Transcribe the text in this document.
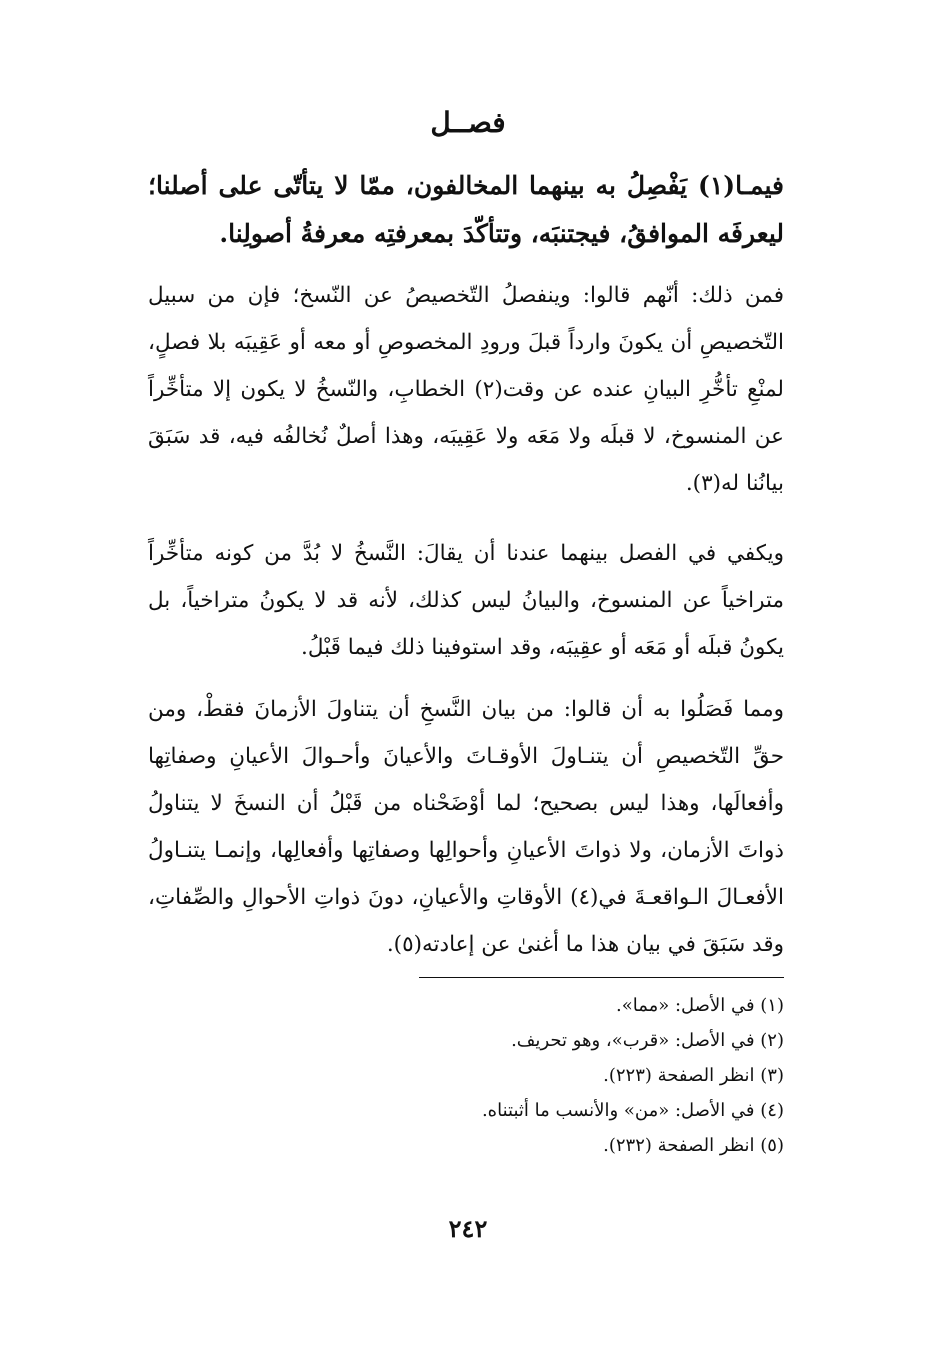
فصــل
فيمـا(١) يَفْصِلُ به بينهما المخالفون، ممّا لا يتأتّى على أصلنا؛ ليعرفَه الموافقُ، فيجتنبَه، وتتأكّدَ بمعرفتِه معرفةُ أصولِنا.

فمن ذلك: أنّهم قالوا: وينفصلُ التّخصيصُ عن النّسخ؛ فإن من سبيل التّخصيصِ أن يكونَ وارداً قبلَ ورودِ المخصوصِ أو معه أو عَقِيبَه بلا فصلٍ، لمنْعِ تأخُّرِ البيانِ عنده عن وقت(٢) الخطابِ، والنّسخُ لا يكون إلا متأخِّراً عن المنسوخ، لا قبلَه ولا مَعَه ولا عَقِيبَه، وهذا أصلٌ نُخالفُه فيه، قد سَبَقَ بيانُنا له(٣).

ويكفي في الفصل بينهما عندنا أن يقالَ: النَّسخُ لا بُدَّ من كونه متأخِّراً متراخياً عن المنسوخ، والبيانُ ليس كذلك، لأنه قد لا يكونُ متراخياً، بل يكونُ قبلَه أو مَعَه أو عقِيبَه، وقد استوفينا ذلك فيما قَبْلُ.

ومما فَصَلُوا به أن قالوا: من بيان النَّسخِ أن يتناولَ الأزمانَ فقطْ، ومن حقِّ التّخصيصِ أن يتنـاولَ الأوقـاتَ والأعيانَ وأحـوالَ الأعيانِ وصفاتِها وأفعالَها، وهذا ليس بصحيح؛ لما أوْضَحْناه من قَبْلُ أن النسخَ لا يتناولُ ذواتَ الأزمان، ولا ذواتَ الأعيانِ وأحوالِها وصفاتِها وأفعالِها، وإنمـا يتنـاولُ الأفعـالَ الـواقعـةَ في(٤) الأوقاتِ والأعيانِ، دونَ ذواتِ الأحوالِ والصِّفاتِ، وقد سَبَقَ في بيان هذا ما أغنىٰ عن إعادته(٥).

(١) في الأصل: «مما».
(٢) في الأصل: «قرب»، وهو تحريف.
(٣) انظر الصفحة (٢٢٣).
(٤) في الأصل: «من» والأنسب ما أثبتناه.
(٥) انظر الصفحة (٢٣٢).
٢٤٢
